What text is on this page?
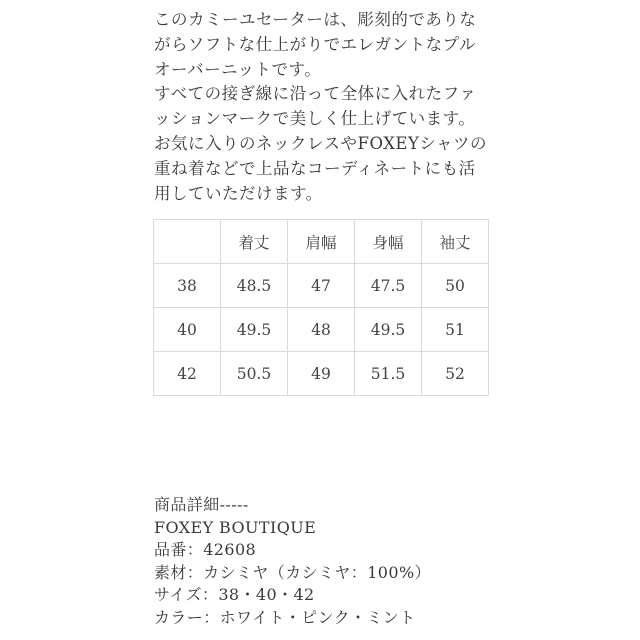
このカミーユセーターは、彫刻的でありな
がらソフトな仕上がりでエレガントなプル
オーバーニットです。
すべての接ぎ線に沿って全体に入れたファ
ッションマークで美しく仕上げています。
お気に入りのネックレスやFOXEYシャツの
重ね着などで上品なコーディネートにも活
用していただけます。
	着丈	肩幅	身幅	袖丈
38	48.5	47	47.5	50
40	49.5	48	49.5	51
42	50.5	49	51.5	52
商品詳細-----
FOXEY BOUTIQUE
品番：42608
素材：カシミヤ（カシミヤ：100%）
サイズ：38・40・42
カラー：ホワイト・ピンク・ミント
